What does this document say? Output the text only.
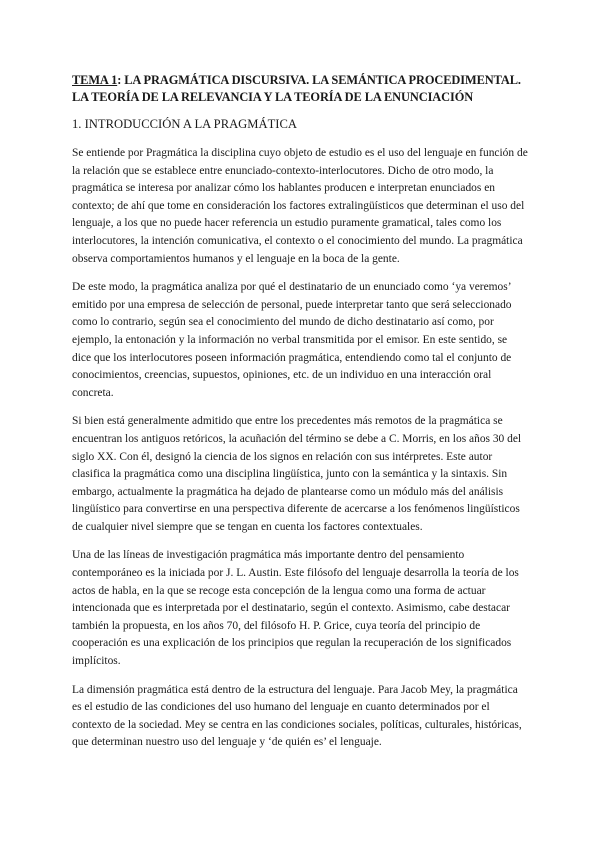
TEMA 1: LA PRAGMÁTICA DISCURSIVA. LA SEMÁNTICA PROCEDIMENTAL. LA TEORÍA DE LA RELEVANCIA Y LA TEORÍA DE LA ENUNCIACIÓN
1. INTRODUCCIÓN A LA PRAGMÁTICA

Se entiende por Pragmática la disciplina cuyo objeto de estudio es el uso del lenguaje en función de la relación que se establece entre enunciado-contexto-interlocutores. Dicho de otro modo, la pragmática se interesa por analizar cómo los hablantes producen e interpretan enunciados en contexto; de ahí que tome en consideración los factores extralingüísticos que determinan el uso del lenguaje, a los que no puede hacer referencia un estudio puramente gramatical, tales como los interlocutores, la intención comunicativa, el contexto o el conocimiento del mundo. La pragmática observa comportamientos humanos y el lenguaje en la boca de la gente.

De este modo, la pragmática analiza por qué el destinatario de un enunciado como ‘ya veremos’ emitido por una empresa de selección de personal, puede interpretar tanto que será seleccionado como lo contrario, según sea el conocimiento del mundo de dicho destinatario así como, por ejemplo, la entonación y la información no verbal transmitida por el emisor. En este sentido, se dice que los interlocutores poseen información pragmática, entendiendo como tal el conjunto de conocimientos, creencias, supuestos, opiniones, etc. de un individuo en una interacción oral concreta.

Si bien está generalmente admitido que entre los precedentes más remotos de la pragmática se encuentran los antiguos retóricos, la acuñación del término se debe a C. Morris, en los años 30 del siglo XX. Con él, designó la ciencia de los signos en relación con sus intérpretes. Este autor clasifica la pragmática como una disciplina lingüística, junto con la semántica y la sintaxis. Sin embargo, actualmente la pragmática ha dejado de plantearse como un módulo más del análisis lingüístico para convertirse en una perspectiva diferente de acercarse a los fenómenos lingüísticos de cualquier nivel siempre que se tengan en cuenta los factores contextuales.

Una de las líneas de investigación pragmática más importante dentro del pensamiento contemporáneo es la iniciada por J. L. Austin. Este filósofo del lenguaje desarrolla la teoría de los actos de habla, en la que se recoge esta concepción de la lengua como una forma de actuar intencionada que es interpretada por el destinatario, según el contexto. Asimismo, cabe destacar también la propuesta, en los años 70, del filósofo H. P. Grice, cuya teoría del principio de cooperación es una explicación de los principios que regulan la recuperación de los significados implícitos.

La dimensión pragmática está dentro de la estructura del lenguaje. Para Jacob Mey, la pragmática es el estudio de las condiciones del uso humano del lenguaje en cuanto determinados por el contexto de la sociedad. Mey se centra en las condiciones sociales, políticas, culturales, históricas, que determinan nuestro uso del lenguaje y ‘de quién es’ el lenguaje.
